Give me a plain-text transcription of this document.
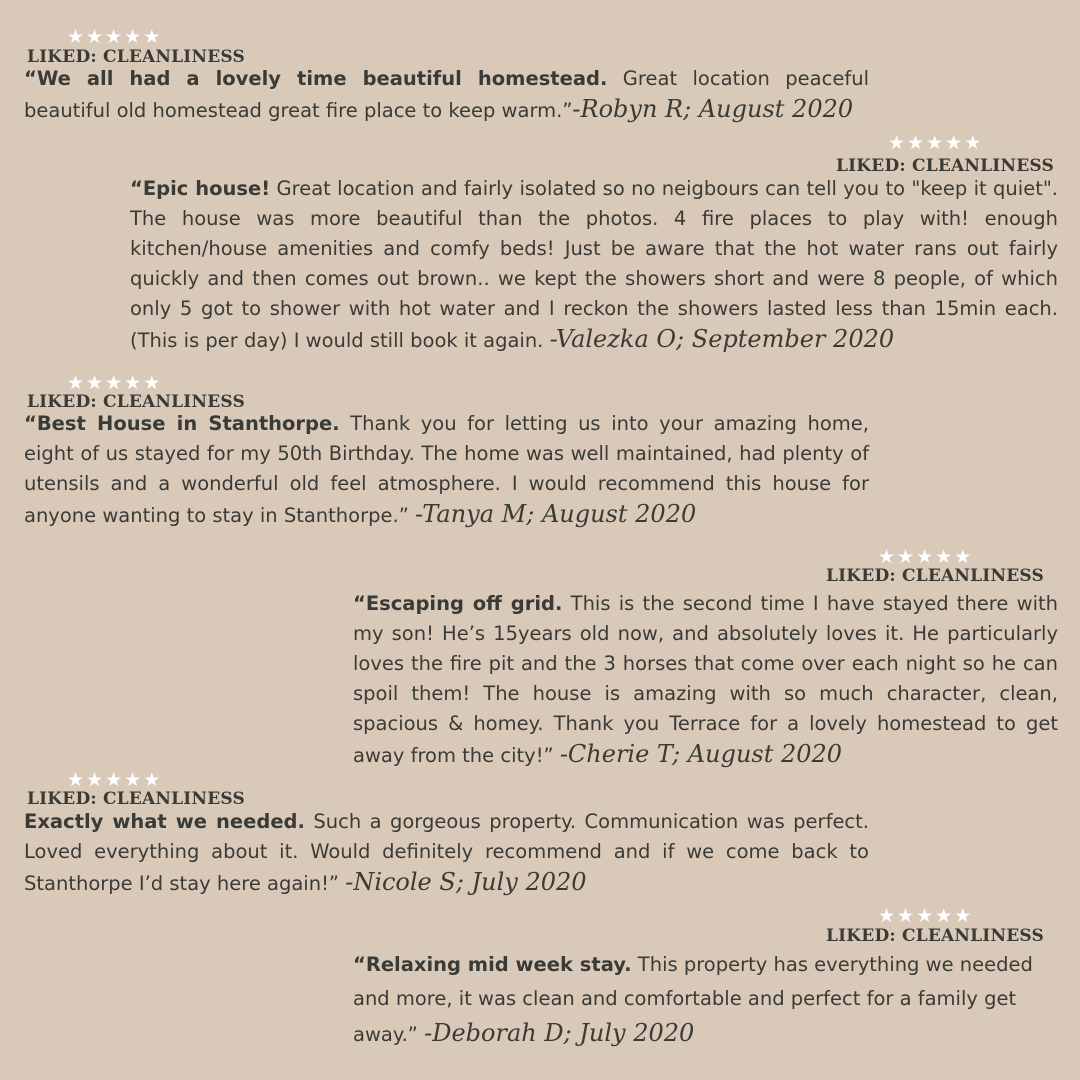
★ ★ ★ ★ ★
LIKED: CLEANLINESS

“We all had a lovely time beautiful homestead. Great location peaceful beautiful old homestead great fire place to keep warm.”-Robyn R; August 2020

★ ★ ★ ★ ★
LIKED: CLEANLINESS

“Epic house! Great location and fairly isolated so no neigbours can tell you to "keep it quiet". The house was more beautiful than the photos. 4 fire places to play with! enough kitchen/house amenities and comfy beds! Just be aware that the hot water rans out fairly quickly and then comes out brown.. we kept the showers short and were 8 people, of which only 5 got to shower with hot water and I reckon the showers lasted less than 15min each. (This is per day) I would still book it again. -Valezka O; September 2020

★ ★ ★ ★ ★
LIKED: CLEANLINESS

“Best House in Stanthorpe. Thank you for letting us into your amazing home, eight of us stayed for my 50th Birthday. The home was well maintained, had plenty of utensils and a wonderful old feel atmosphere. I would recommend this house for anyone wanting to stay in Stanthorpe.” -Tanya M; August 2020

★ ★ ★ ★ ★
LIKED: CLEANLINESS

“Escaping off grid. This is the second time I have stayed there with my son! He’s 15years old now, and absolutely loves it. He particularly loves the fire pit and the 3 horses that come over each night so he can spoil them! The house is amazing with so much character, clean, spacious & homey. Thank you Terrace for a lovely homestead to get away from the city!” -Cherie T; August 2020

★ ★ ★ ★ ★
LIKED: CLEANLINESS

Exactly what we needed. Such a gorgeous property. Communication was perfect. Loved everything about it. Would definitely recommend and if we come back to Stanthorpe I’d stay here again!” -Nicole S; July 2020

★ ★ ★ ★ ★
LIKED: CLEANLINESS

“Relaxing mid week stay. This property has everything we needed and more, it was clean and comfortable and perfect for a family get away.” -Deborah D; July 2020
